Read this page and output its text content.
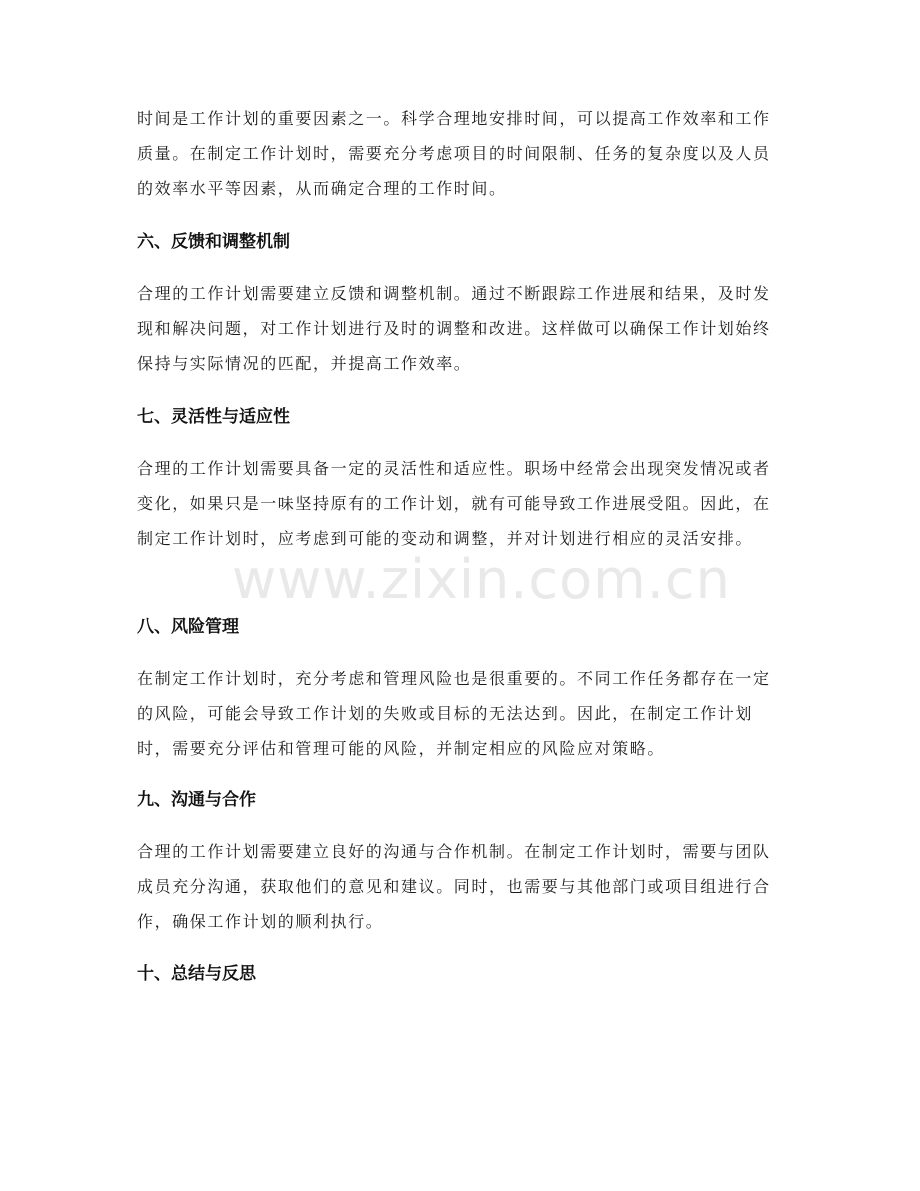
时间是工作计划的重要因素之一。科学合理地安排时间，可以提高工作效率和工作质量。在制定工作计划时，需要充分考虑项目的时间限制、任务的复杂度以及人员的效率水平等因素，从而确定合理的工作时间。

六、反馈和调整机制

合理的工作计划需要建立反馈和调整机制。通过不断跟踪工作进展和结果，及时发现和解决问题，对工作计划进行及时的调整和改进。这样做可以确保工作计划始终保持与实际情况的匹配，并提高工作效率。

七、灵活性与适应性

合理的工作计划需要具备一定的灵活性和适应性。职场中经常会出现突发情况或者变化，如果只是一味坚持原有的工作计划，就有可能导致工作进展受阻。因此，在制定工作计划时，应考虑到可能的变动和调整，并对计划进行相应的灵活安排。

八、风险管理

在制定工作计划时，充分考虑和管理风险也是很重要的。不同工作任务都存在一定的风险，可能会导致工作计划的失败或目标的无法达到。因此，在制定工作计划时，需要充分评估和管理可能的风险，并制定相应的风险应对策略。

九、沟通与合作

合理的工作计划需要建立良好的沟通与合作机制。在制定工作计划时，需要与团队成员充分沟通，获取他们的意见和建议。同时，也需要与其他部门或项目组进行合作，确保工作计划的顺利执行。

十、总结与反思
www.zixin.com.cn
